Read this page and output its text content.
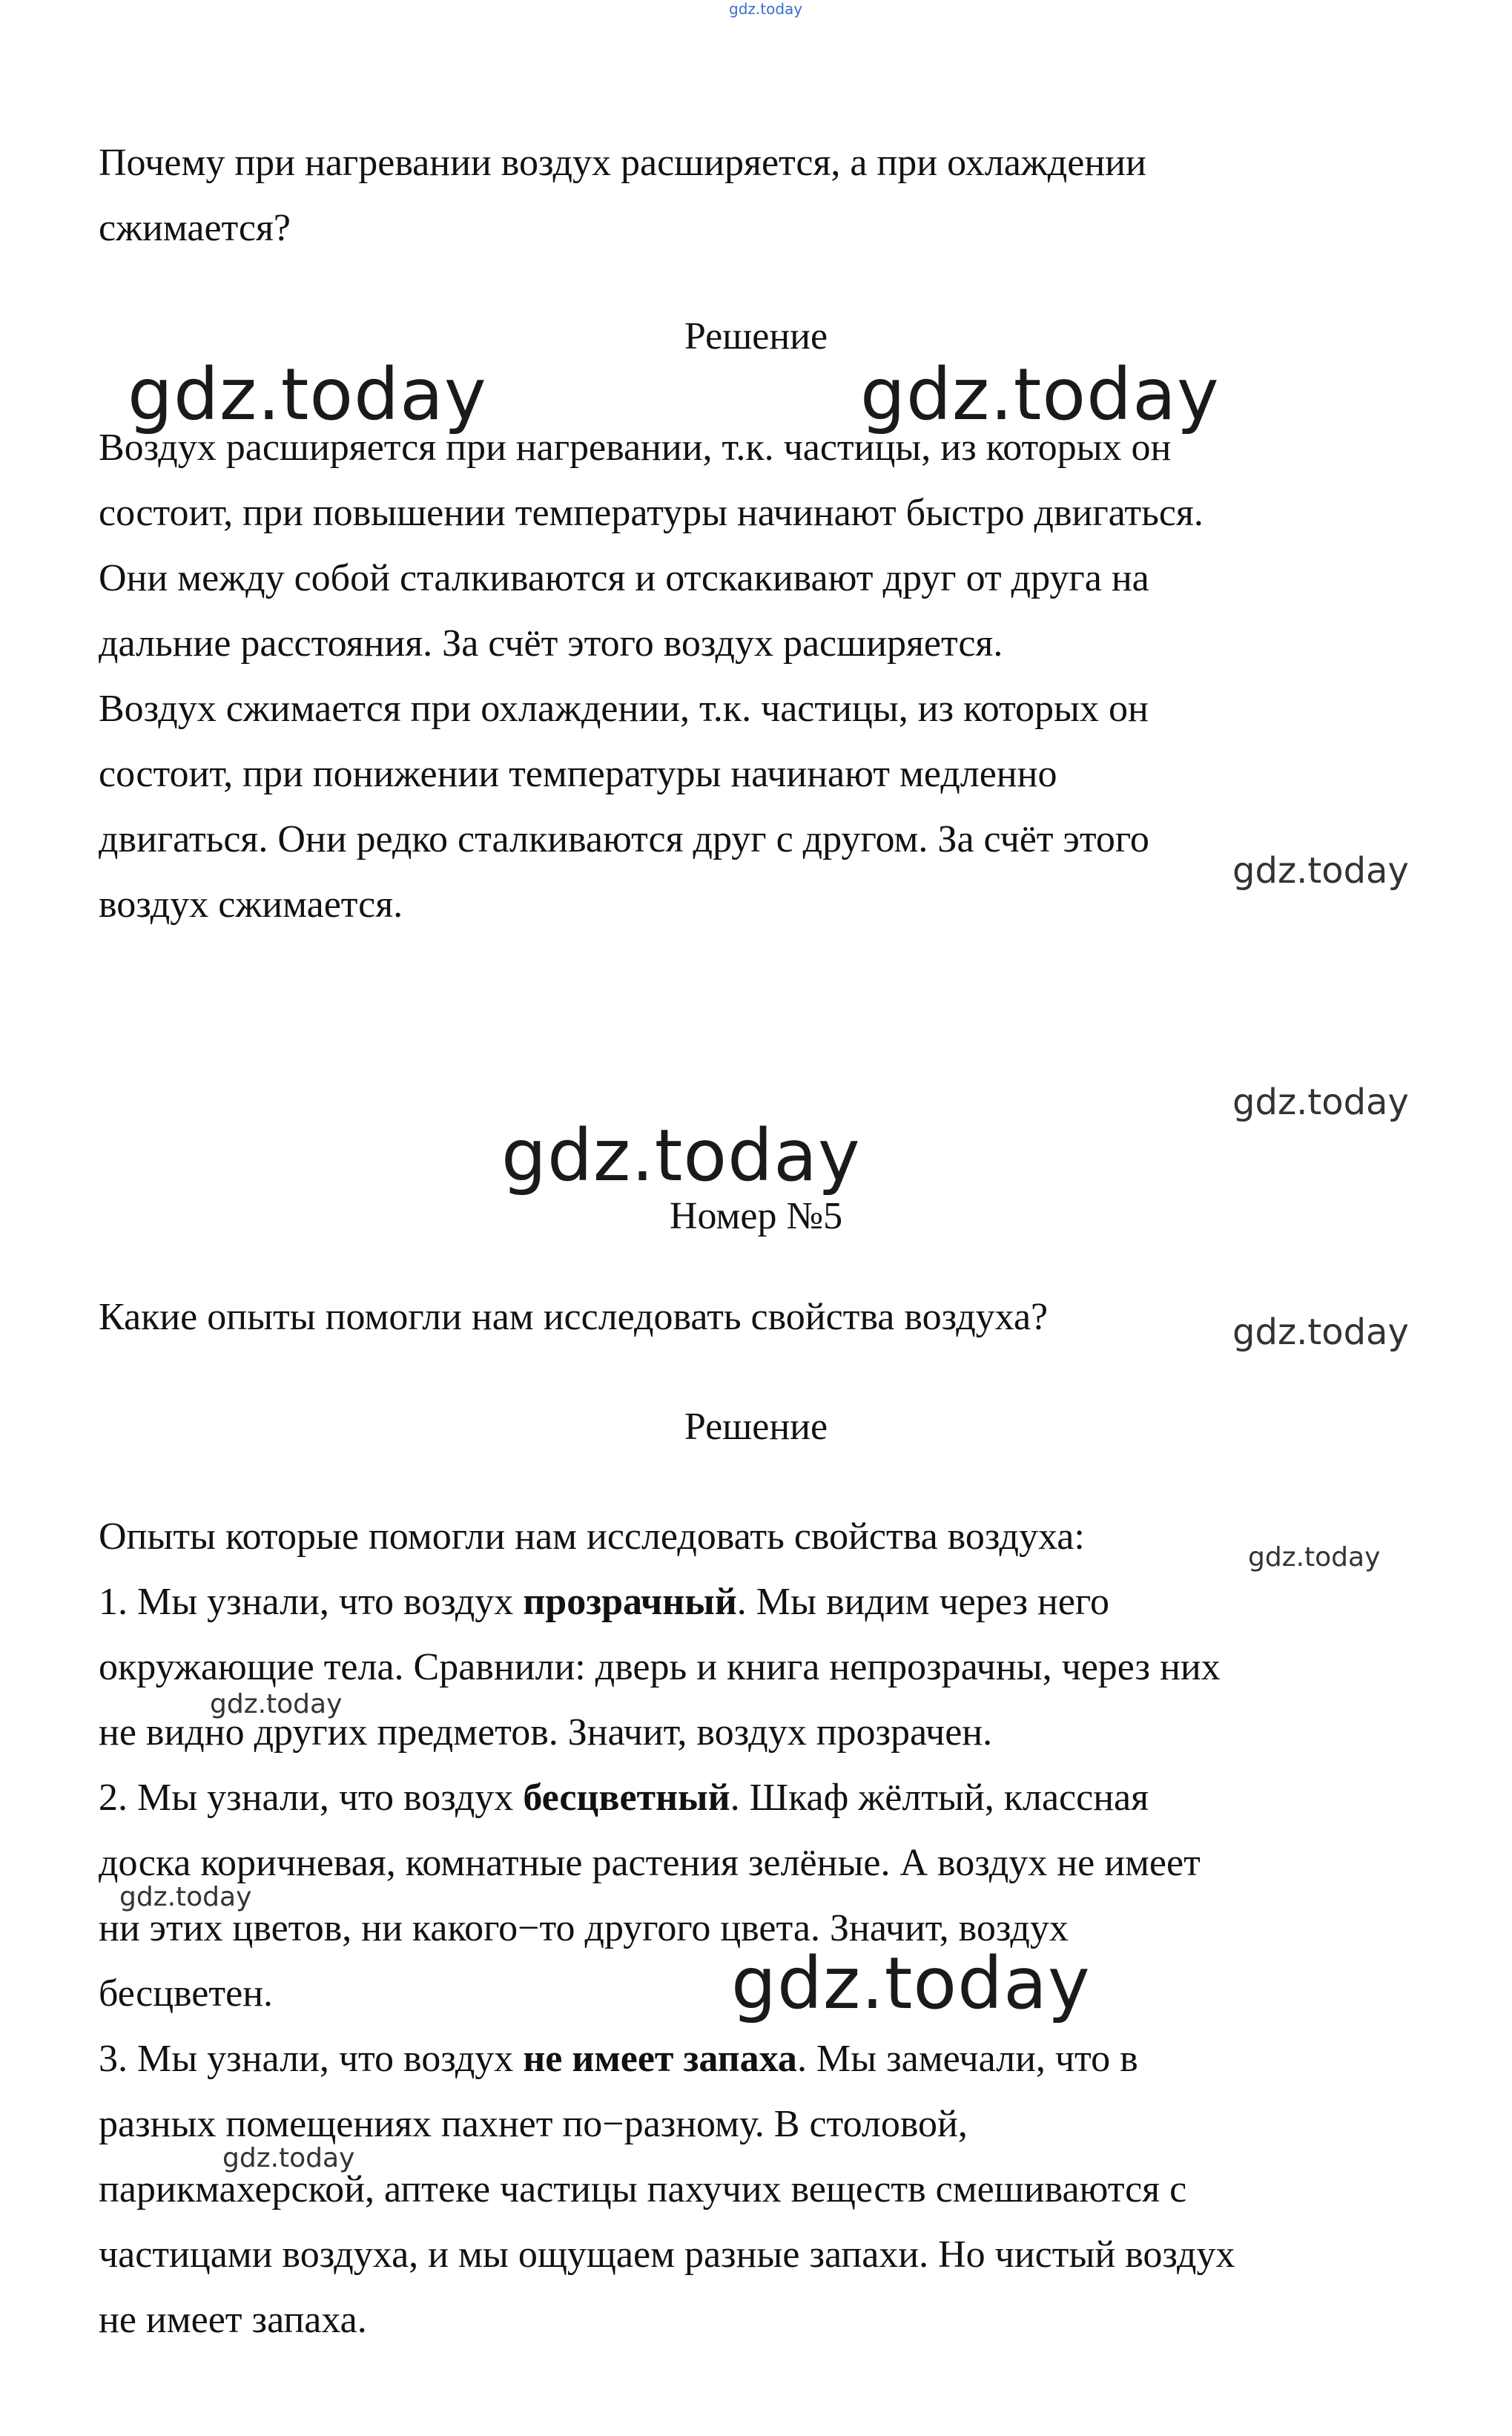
gdz.today
Почему при нагревании воздух расширяется, а при охлаждении
сжимается?
Решение
Воздух расширяется при нагревании, т.к. частицы, из которых он
состоит, при повышении температуры начинают быстро двигаться.
Они между собой сталкиваются и отскакивают друг от друга на
дальние расстояния. За счёт этого воздух расширяется.
Воздух сжимается при охлаждении, т.к. частицы, из которых он
состоит, при понижении температуры начинают медленно
двигаться. Они редко сталкиваются друг с другом. За счёт этого
воздух сжимается.
Номер №5
Какие опыты помогли нам исследовать свойства воздуха?
Решение
Опыты которые помогли нам исследовать свойства воздуха:
1. Мы узнали, что воздух прозрачный. Мы видим через него
окружающие тела. Сравнили: дверь и книга непрозрачны, через них
не видно других предметов. Значит, воздух прозрачен.
2. Мы узнали, что воздух бесцветный. Шкаф жёлтый, классная
доска коричневая, комнатные растения зелёные. А воздух не имеет
ни этих цветов, ни какого−то другого цвета. Значит, воздух
бесцветен.
3. Мы узнали, что воздух не имеет запаха. Мы замечали, что в
разных помещениях пахнет по−разному. В столовой,
парикмахерской, аптеке частицы пахучих веществ смешиваются с
частицами воздуха, и мы ощущаем разные запахи. Но чистый воздух
не имеет запаха.
gdz.today	gdz.today
gdz.today
gdz.today
gdz.today
gdz.today
gdz.today
gdz.today
gdz.today
gdz.today
gdz.today
